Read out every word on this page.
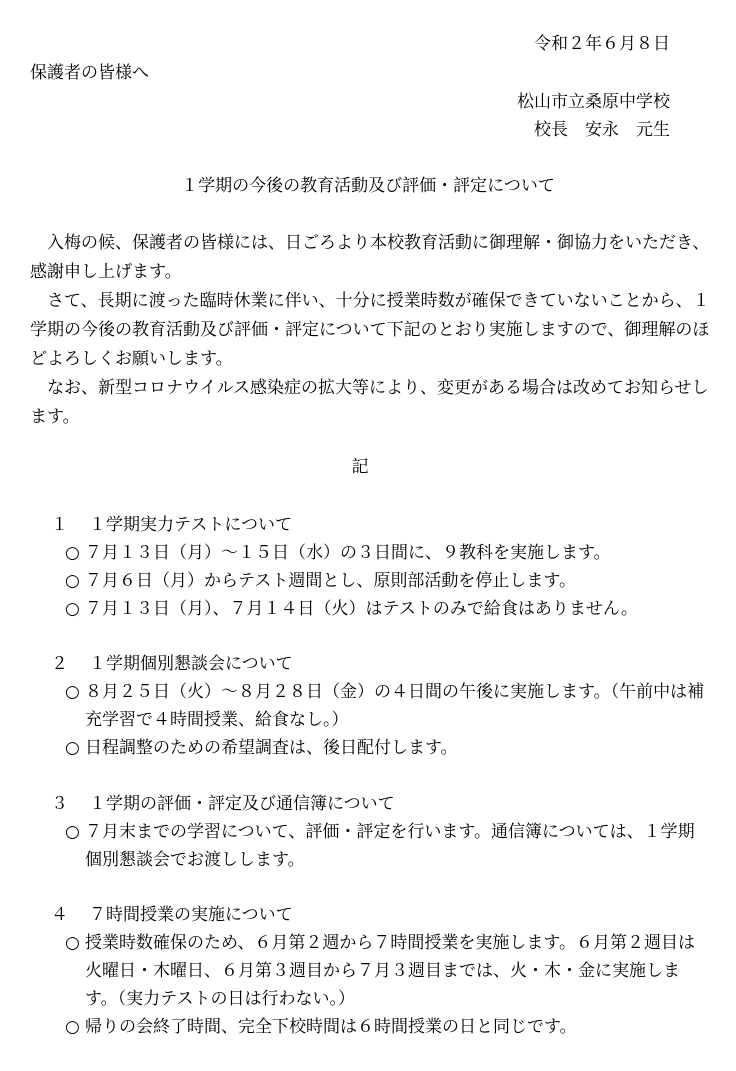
令和２年６月８日
保護者の皆様へ
松山市立桑原中学校
校長　安永　元生
１学期の今後の教育活動及び評価・評定について

入梅の候、保護者の皆様には、日ごろより本校教育活動に御理解・御協力をいただき、感謝申し上げます。

さて、長期に渡った臨時休業に伴い、十分に授業時数が確保できていないことから、１学期の今後の教育活動及び評価・評定について下記のとおり実施しますので、御理解のほどよろしくお願いします。

なお、新型コロナウイルス感染症の拡大等により、変更がある場合は改めてお知らせします。

記
１ １学期実力テストについて
○ ７月１３日（月）～１５日（水）の３日間に、９教科を実施します。
○ ７月６日（月）からテスト週間とし、原則部活動を停止します。
○ ７月１３日（月）、７月１４日（火）はテストのみで給食はありません。
２ １学期個別懇談会について
○ ８月２５日（火）～８月２８日（金）の４日間の午後に実施します。（午前中は補充学習で４時間授業、給食なし。）
○ 日程調整のための希望調査は、後日配付します。
３ １学期の評価・評定及び通信簿について
○ ７月末までの学習について、評価・評定を行います。通信簿については、１学期個別懇談会でお渡しします。
４ ７時間授業の実施について
○ 授業時数確保のため、６月第２週から７時間授業を実施します。６月第２週目は火曜日・木曜日、６月第３週目から７月３週目までは、火・木・金に実施します。（実力テストの日は行わない。）
○ 帰りの会終了時間、完全下校時間は６時間授業の日と同じです。
